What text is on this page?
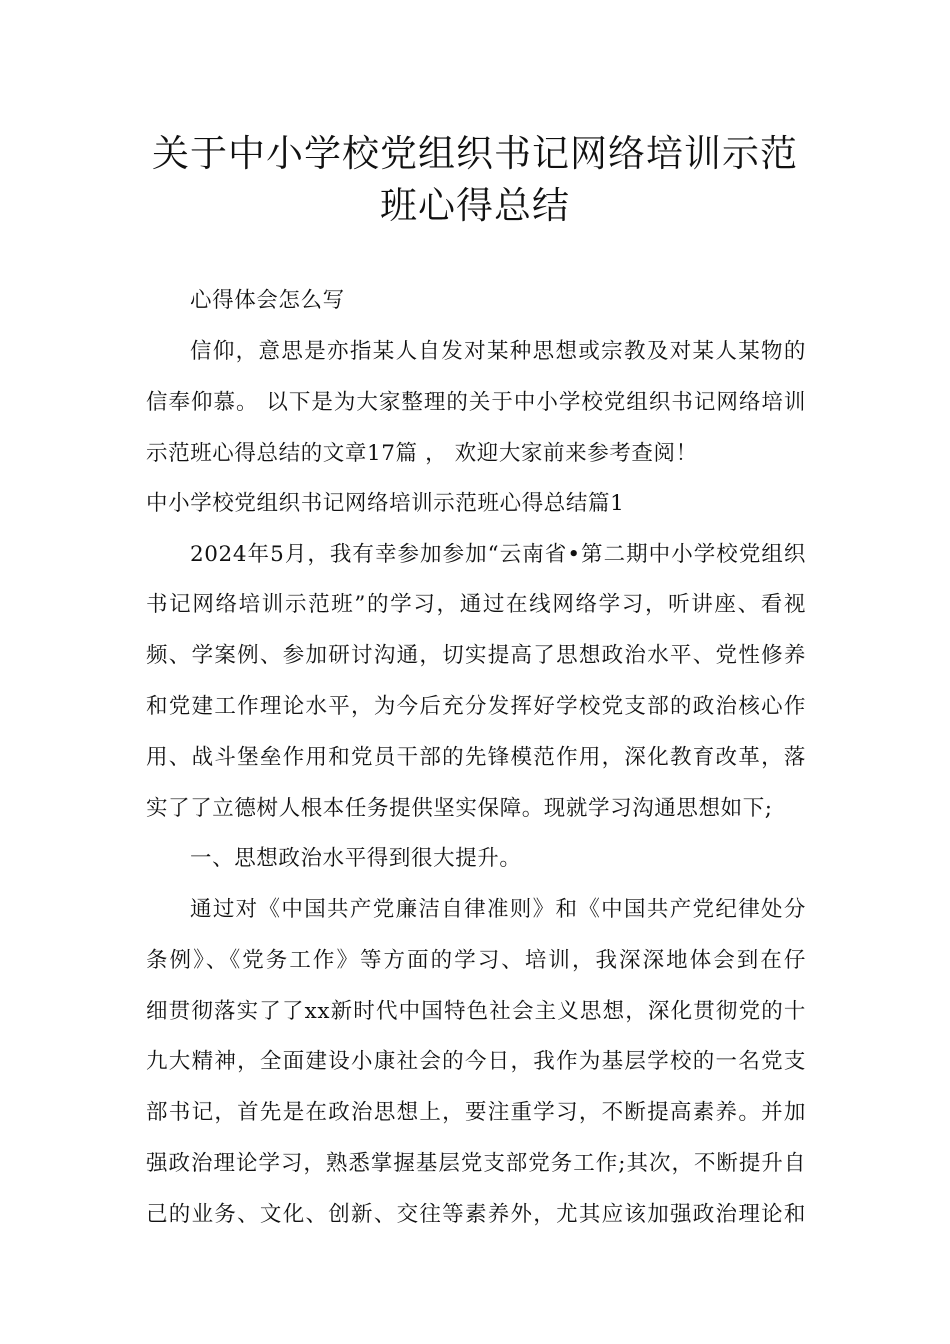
关于中小学校党组织书记网络培训示范
班心得总结
心得体会怎么写
信仰，意思是亦指某人自发对某种思想或宗教及对某人某物的
信奉仰慕。 以下是为大家整理的关于中小学校党组织书记网络培训
示范班心得总结的文章17篇 ， 欢迎大家前来参考查阅！
中小学校党组织书记网络培训示范班心得总结篇1
2024年5月，我有幸参加参加“云南省•第二期中小学校党组织
书记网络培训示范班”的学习，通过在线网络学习，听讲座、看视
频、学案例、参加研讨沟通，切实提高了思想政治水平、党性修养
和党建工作理论水平，为今后充分发挥好学校党支部的政治核心作
用、战斗堡垒作用和党员干部的先锋模范作用，深化教育改革，落
实了了立德树人根本任务提供坚实保障。现就学习沟通思想如下;
一、思想政治水平得到很大提升。
通过对《中国共产党廉洁自律准则》和《中国共产党纪律处分
条例》、《党务工作》等方面的学习、培训，我深深地体会到在仔
细贯彻落实了了xx新时代中国特色社会主义思想，深化贯彻党的十
九大精神，全面建设小康社会的今日，我作为基层学校的一名党支
部书记，首先是在政治思想上，要注重学习，不断提高素养。并加
强政治理论学习，熟悉掌握基层党支部党务工作;其次，不断提升自
己的业务、文化、创新、交往等素养外，尤其应该加强政治理论和
